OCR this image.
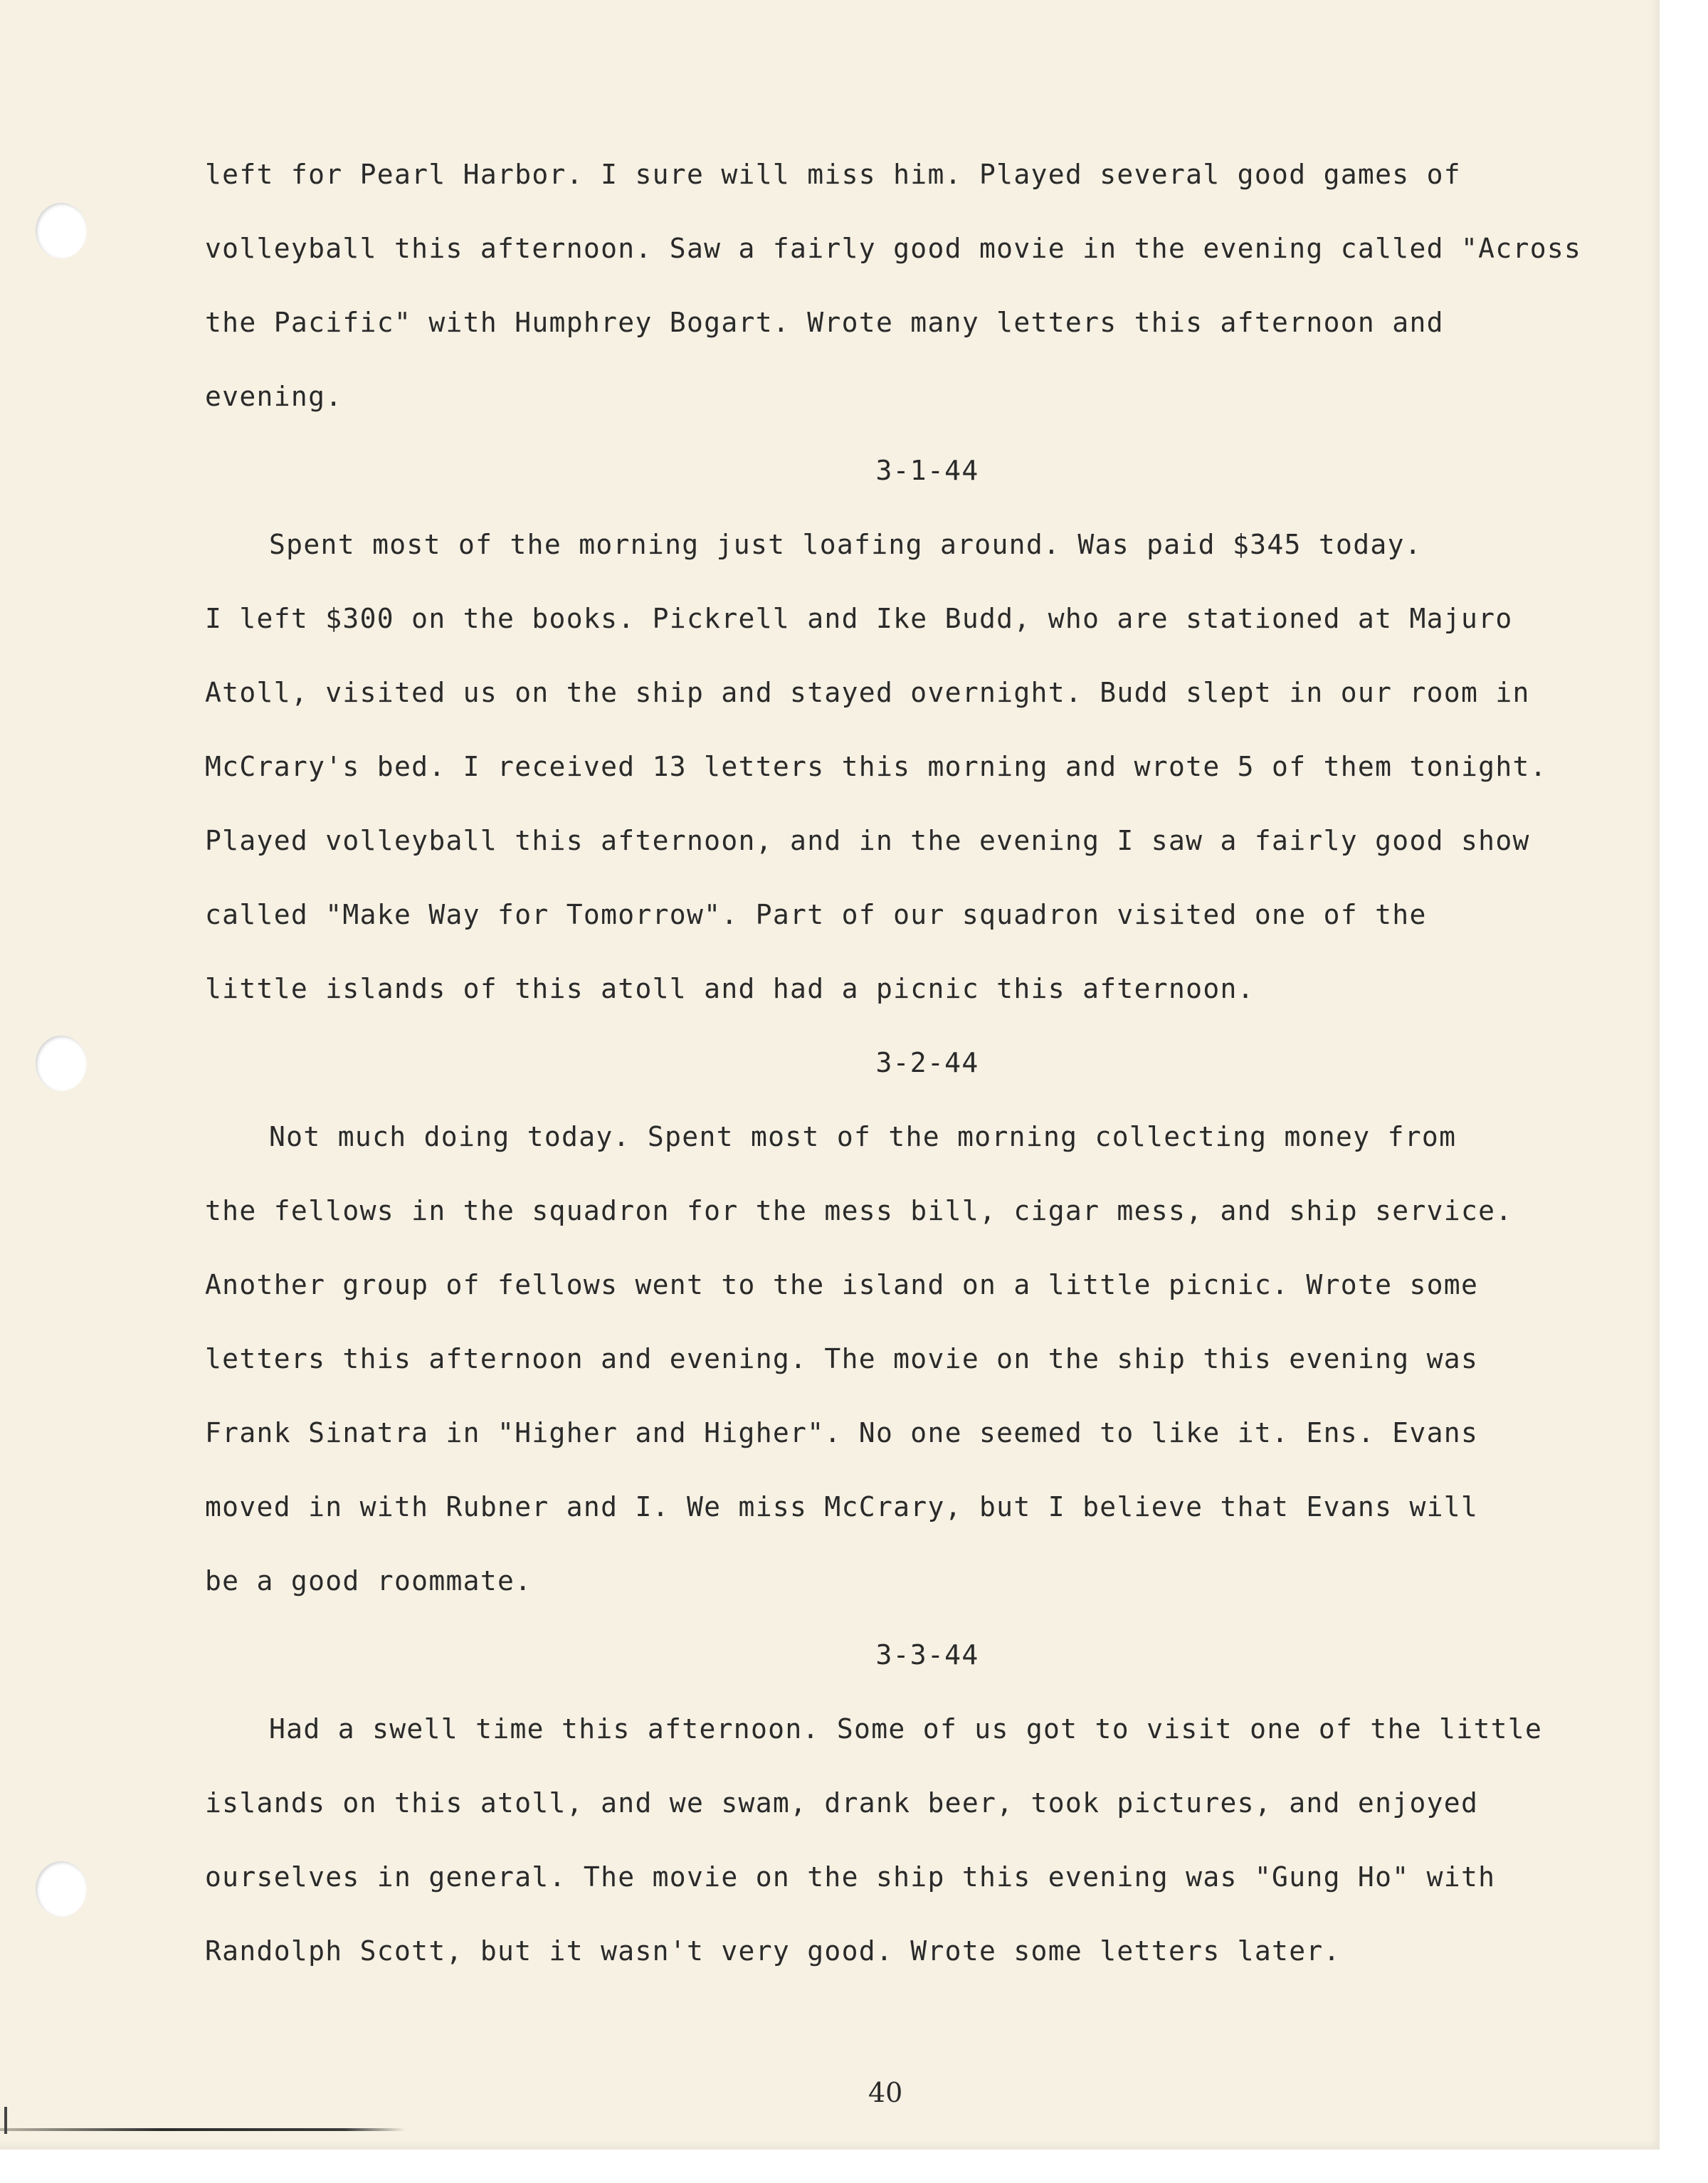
left for Pearl Harbor. I sure will miss him. Played several good games of
volleyball this afternoon. Saw a fairly good movie in the evening called "Across
the Pacific" with Humphrey Bogart. Wrote many letters this afternoon and
evening.
3-1-44
Spent most of the morning just loafing around. Was paid $345 today.
I left $300 on the books. Pickrell and Ike Budd, who are stationed at Majuro
Atoll, visited us on the ship and stayed overnight. Budd slept in our room in
McCrary's bed. I received 13 letters this morning and wrote 5 of them tonight.
Played volleyball this afternoon, and in the evening I saw a fairly good show
called "Make Way for Tomorrow". Part of our squadron visited one of the
little islands of this atoll and had a picnic this afternoon.
3-2-44
Not much doing today. Spent most of the morning collecting money from
the fellows in the squadron for the mess bill, cigar mess, and ship service.
Another group of fellows went to the island on a little picnic. Wrote some
letters this afternoon and evening. The movie on the ship this evening was
Frank Sinatra in "Higher and Higher". No one seemed to like it. Ens. Evans
moved in with Rubner and I. We miss McCrary, but I believe that Evans will
be a good roommate.
3-3-44
Had a swell time this afternoon. Some of us got to visit one of the little
islands on this atoll, and we swam, drank beer, took pictures, and enjoyed
ourselves in general. The movie on the ship this evening was "Gung Ho" with
Randolph Scott, but it wasn't very good. Wrote some letters later.
40
